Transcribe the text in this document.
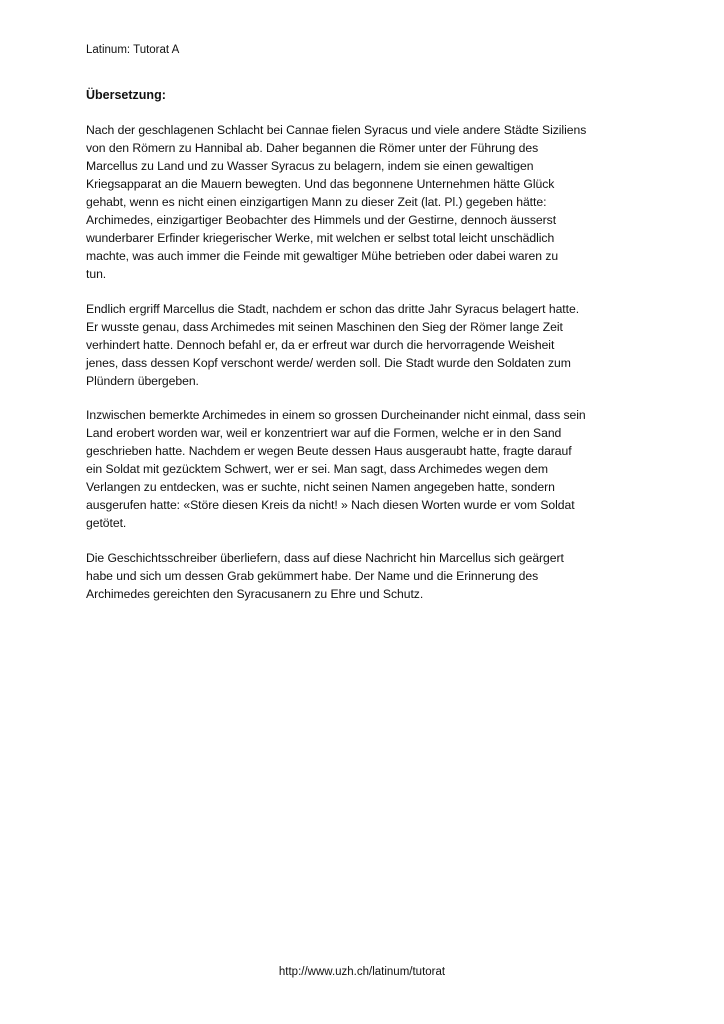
Latinum: Tutorat A
Übersetzung:
Nach der geschlagenen Schlacht bei Cannae fielen Syracus und viele andere Städte Siziliens
von den Römern zu Hannibal ab. Daher begannen die Römer unter der Führung des
Marcellus zu Land und zu Wasser Syracus zu belagern, indem sie einen gewaltigen
Kriegsapparat an die Mauern bewegten. Und das begonnene Unternehmen hätte Glück
gehabt, wenn es nicht einen einzigartigen Mann zu dieser Zeit (lat. Pl.) gegeben hätte:
Archimedes, einzigartiger Beobachter des Himmels und der Gestirne, dennoch äusserst
wunderbarer Erfinder kriegerischer Werke, mit welchen er selbst total leicht unschädlich
machte, was auch immer die Feinde mit gewaltiger Mühe betrieben oder dabei waren zu
tun.
Endlich ergriff Marcellus die Stadt, nachdem er schon das dritte Jahr Syracus belagert hatte.
Er wusste genau, dass Archimedes mit seinen Maschinen den Sieg der Römer lange Zeit
verhindert hatte. Dennoch befahl er, da er erfreut war durch die hervorragende Weisheit
jenes, dass dessen Kopf verschont werde/ werden soll. Die Stadt wurde den Soldaten zum
Plündern übergeben.
Inzwischen bemerkte Archimedes in einem so grossen Durcheinander nicht einmal, dass sein
Land erobert worden war, weil er konzentriert war auf die Formen, welche er in den Sand
geschrieben hatte. Nachdem er wegen Beute dessen Haus ausgeraubt hatte, fragte darauf
ein Soldat mit gezücktem Schwert, wer er sei. Man sagt, dass Archimedes wegen dem
Verlangen zu entdecken, was er suchte, nicht seinen Namen angegeben hatte, sondern
ausgerufen hatte: «Störe diesen Kreis da nicht! » Nach diesen Worten wurde er vom Soldat
getötet.
Die Geschichtsschreiber überliefern, dass auf diese Nachricht hin Marcellus sich geärgert
habe und sich um dessen Grab gekümmert habe. Der Name und die Erinnerung des
Archimedes gereichten den Syracusanern zu Ehre und Schutz.
http://www.uzh.ch/latinum/tutorat
